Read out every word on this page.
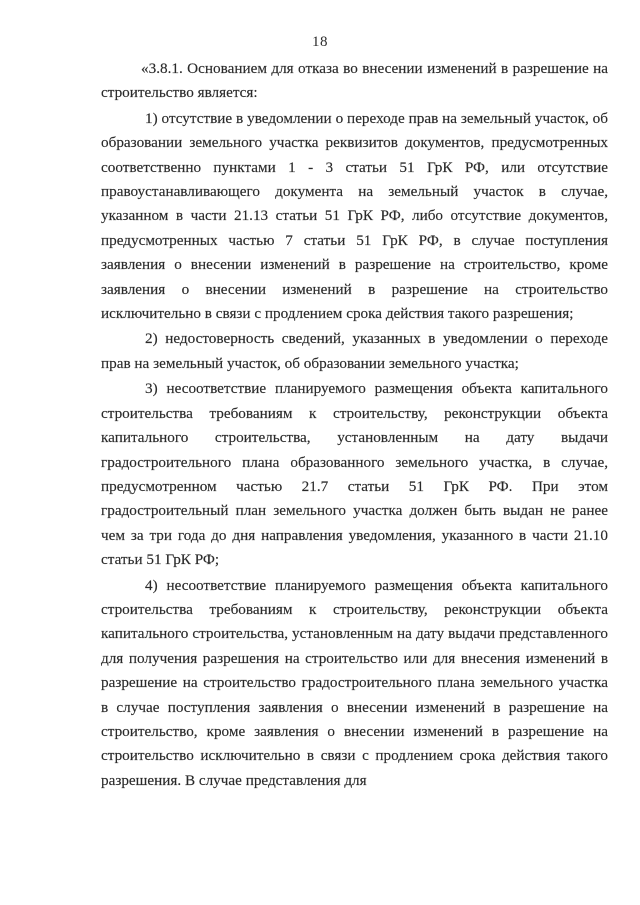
18

«3.8.1. Основанием для отказа во внесении изменений в разрешение на строительство является:

1) отсутствие в уведомлении о переходе прав на земельный участок, об образовании земельного участка реквизитов документов, предусмотренных соответственно пунктами 1 - 3 статьи 51 ГрК РФ, или отсутствие правоустанавливающего документа на земельный участок в случае, указанном в части 21.13 статьи 51 ГрК РФ, либо отсутствие документов, предусмотренных частью 7 статьи 51 ГрК РФ, в случае поступления заявления о внесении изменений в разрешение на строительство, кроме заявления о внесении изменений в разрешение на строительство исключительно в связи с продлением срока действия такого разрешения;

2) недостоверность сведений, указанных в уведомлении о переходе прав на земельный участок, об образовании земельного участка;

3) несоответствие планируемого размещения объекта капитального строительства требованиям к строительству, реконструкции объекта капитального строительства, установленным на дату выдачи градостроительного плана образованного земельного участка, в случае, предусмотренном частью 21.7 статьи 51 ГрК РФ. При этом градостроительный план земельного участка должен быть выдан не ранее чем за три года до дня направления уведомления, указанного в части 21.10 статьи 51 ГрК РФ;

4) несоответствие планируемого размещения объекта капитального строительства требованиям к строительству, реконструкции объекта капитального строительства, установленным на дату выдачи представленного для получения разрешения на строительство или для внесения изменений в разрешение на строительство градостроительного плана земельного участка в случае поступления заявления о внесении изменений в разрешение на строительство, кроме заявления о внесении изменений в разрешение на строительство исключительно в связи с продлением срока действия такого разрешения. В случае представления для
